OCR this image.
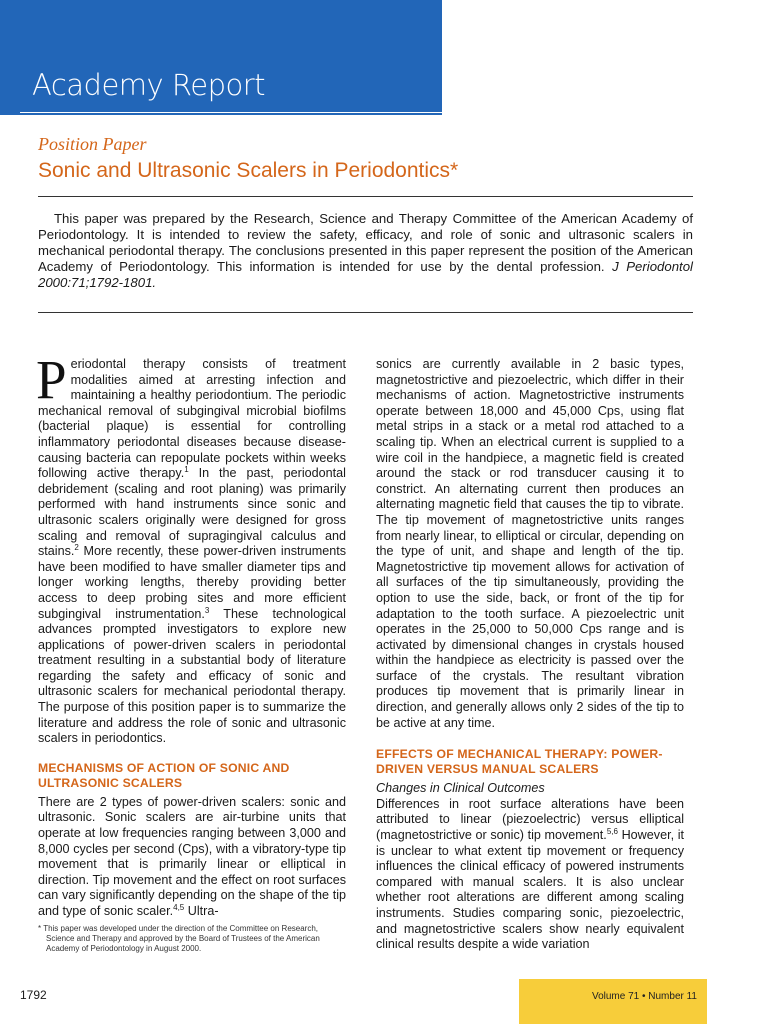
Academy Report
Position Paper
Sonic and Ultrasonic Scalers in Periodontics*
This paper was prepared by the Research, Science and Therapy Committee of the American Academy of Periodontology. It is intended to review the safety, efficacy, and role of sonic and ultrasonic scalers in mechanical periodontal therapy. The conclusions presented in this paper represent the position of the American Academy of Periodontology. This information is intended for use by the dental profession. J Periodontol 2000:71;1792-1801.

Periodontal therapy consists of treatment modalities aimed at arresting infection and maintaining a healthy periodontium. The periodic mechanical removal of subgingival microbial biofilms (bacterial plaque) is essential for controlling inflammatory periodontal diseases because disease-causing bacteria can repopulate pockets within weeks following active therapy.$^1$ In the past, periodontal debridement (scaling and root planing) was primarily performed with hand instruments since sonic and ultrasonic scalers originally were designed for gross scaling and removal of supragingival calculus and stains.$^2$ More recently, these power-driven instruments have been modified to have smaller diameter tips and longer working lengths, thereby providing better access to deep probing sites and more efficient subgingival instrumentation.$^3$ These technological advances prompted investigators to explore new applications of power-driven scalers in periodontal treatment resulting in a substantial body of literature regarding the safety and efficacy of sonic and ultrasonic scalers for mechanical periodontal therapy. The purpose of this position paper is to summarize the literature and address the role of sonic and ultrasonic scalers in periodontics.

MECHANISMS OF ACTION OF SONIC AND ULTRASONIC SCALERS

There are 2 types of power-driven scalers: sonic and ultrasonic. Sonic scalers are air-turbine units that operate at low frequencies ranging between 3,000 and 8,000 cycles per second (Cps), with a vibratory-type tip movement that is primarily linear or elliptical in direction. Tip movement and the effect on root surfaces can vary significantly depending on the shape of the tip and type of sonic scaler.$^{4,5}$ Ultra-

sonics are currently available in 2 basic types, magnetostrictive and piezoelectric, which differ in their mechanisms of action. Magnetostrictive instruments operate between 18,000 and 45,000 Cps, using flat metal strips in a stack or a metal rod attached to a scaling tip. When an electrical current is supplied to a wire coil in the handpiece, a magnetic field is created around the stack or rod transducer causing it to constrict. An alternating current then produces an alternating magnetic field that causes the tip to vibrate. The tip movement of magnetostrictive units ranges from nearly linear, to elliptical or circular, depending on the type of unit, and shape and length of the tip. Magnetostrictive tip movement allows for activation of all surfaces of the tip simultaneously, providing the option to use the side, back, or front of the tip for adaptation to the tooth surface. A piezoelectric unit operates in the 25,000 to 50,000 Cps range and is activated by dimensional changes in crystals housed within the handpiece as electricity is passed over the surface of the crystals. The resultant vibration produces tip movement that is primarily linear in direction, and generally allows only 2 sides of the tip to be active at any time.

EFFECTS OF MECHANICAL THERAPY: POWER-DRIVEN VERSUS MANUAL SCALERS

Changes in Clinical Outcomes

Differences in root surface alterations have been attributed to linear (piezoelectric) versus elliptical (magnetostrictive or sonic) tip movement.$^{5,6}$ However, it is unclear to what extent tip movement or frequency influences the clinical efficacy of powered instruments compared with manual scalers. It is also unclear whether root alterations are different among scaling instruments. Studies comparing sonic, piezoelectric, and magnetostrictive scalers show nearly equivalent clinical results despite a wide variation

* This paper was developed under the direction of the Committee on Research, Science and Therapy and approved by the Board of Trustees of the American Academy of Periodontology in August 2000.
1792	Volume 71 • Number 11
